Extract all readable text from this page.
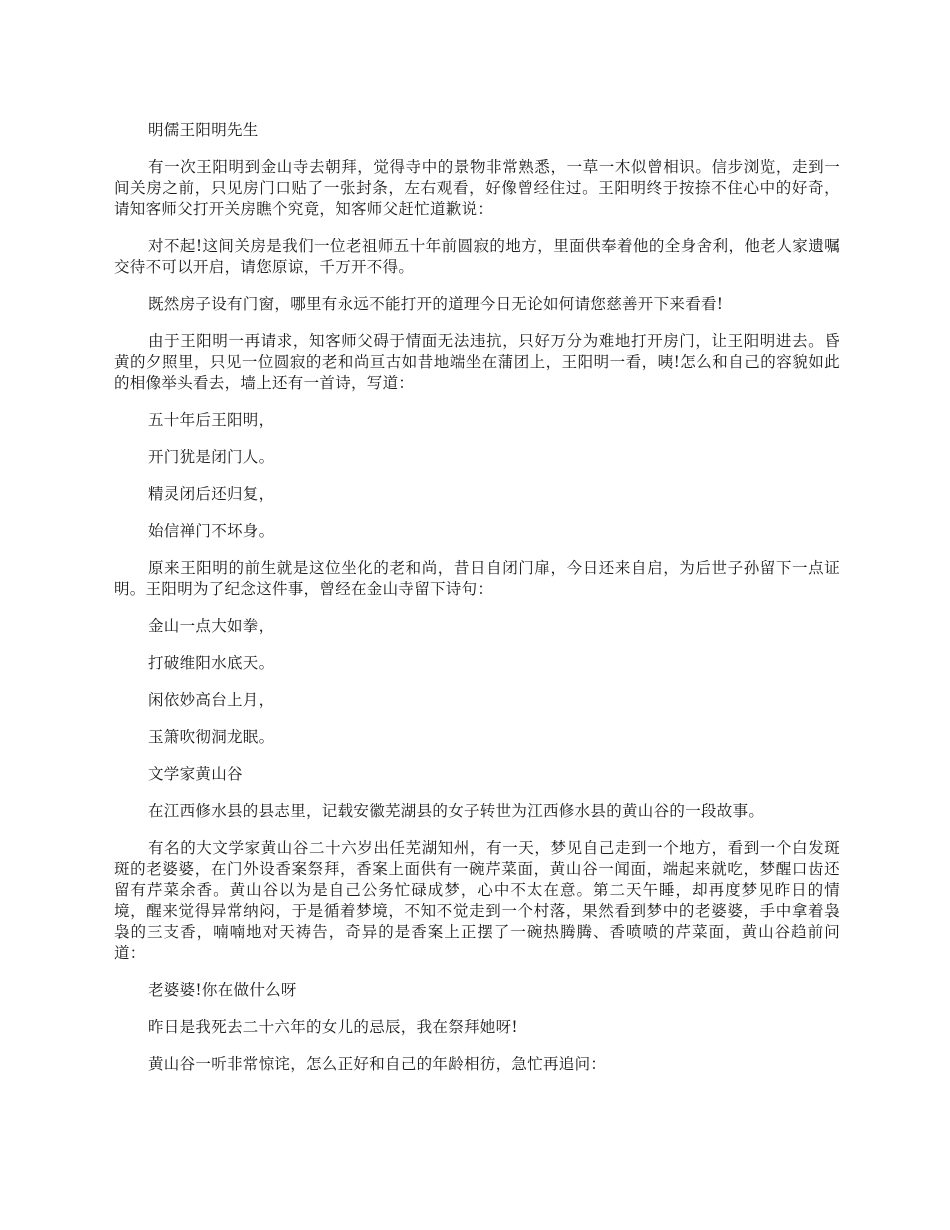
明儒王阳明先生

有一次王阳明到金山寺去朝拜，觉得寺中的景物非常熟悉，一草一木似曾相识。信步浏览，走到一间关房之前，只见房门口贴了一张封条，左右观看，好像曾经住过。王阳明终于按捺不住心中的好奇，请知客师父打开关房瞧个究竟，知客师父赶忙道歉说：

对不起!这间关房是我们一位老祖师五十年前圆寂的地方，里面供奉着他的全身舍利，他老人家遗嘱交待不可以开启，请您原谅，千万开不得。

既然房子设有门窗，哪里有永远不能打开的道理今日无论如何请您慈善开下来看看!

由于王阳明一再请求，知客师父碍于情面无法违抗，只好万分为难地打开房门，让王阳明进去。昏黄的夕照里，只见一位圆寂的老和尚亘古如昔地端坐在蒲团上，王阳明一看，咦!怎么和自己的容貌如此的相像举头看去，墙上还有一首诗，写道：

五十年后王阳明，

开门犹是闭门人。

精灵闭后还归复，

始信禅门不坏身。

原来王阳明的前生就是这位坐化的老和尚，昔日自闭门扉，今日还来自启，为后世子孙留下一点证明。王阳明为了纪念这件事，曾经在金山寺留下诗句：

金山一点大如拳，

打破维阳水底天。

闲依妙高台上月，

玉箫吹彻洞龙眠。

文学家黄山谷

在江西修水县的县志里，记载安徽芜湖县的女子转世为江西修水县的黄山谷的一段故事。

有名的大文学家黄山谷二十六岁出任芜湖知州，有一天，梦见自己走到一个地方，看到一个白发斑斑的老婆婆，在门外设香案祭拜，香案上面供有一碗芹菜面，黄山谷一闻面，端起来就吃，梦醒口齿还留有芹菜余香。黄山谷以为是自己公务忙碌成梦，心中不太在意。第二天午睡，却再度梦见昨日的情境，醒来觉得异常纳闷，于是循着梦境，不知不觉走到一个村落，果然看到梦中的老婆婆，手中拿着袅袅的三支香，喃喃地对天祷告，奇异的是香案上正摆了一碗热腾腾、香喷喷的芹菜面，黄山谷趋前问道：

老婆婆!你在做什么呀

昨日是我死去二十六年的女儿的忌辰，我在祭拜她呀!

黄山谷一听非常惊诧，怎么正好和自己的年龄相彷，急忙再追问：
